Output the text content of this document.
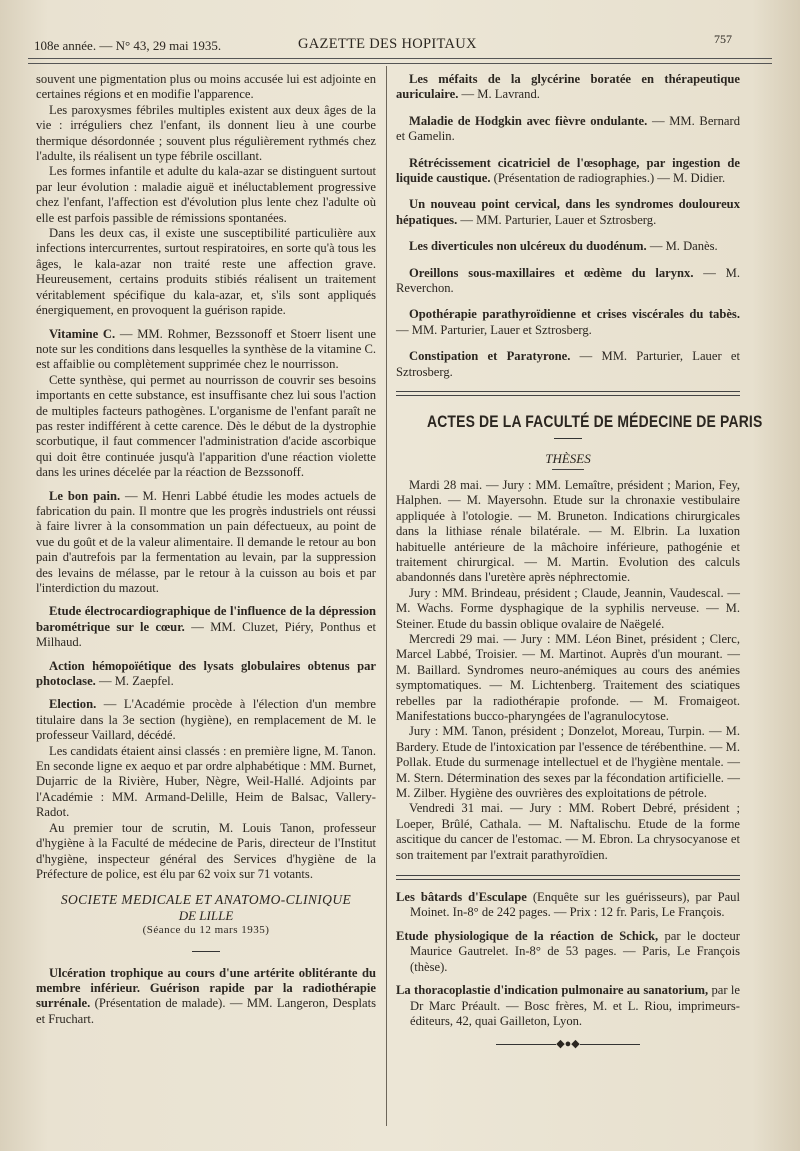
108e année. — N° 43, 29 mai 1935.	GAZETTE DES HOPITAUX	757

souvent une pigmentation plus ou moins accusée lui est adjointe en certaines régions et en modifie l'apparence.

Les paroxysmes fébriles multiples existent aux deux âges de la vie : irréguliers chez l'enfant, ils donnent lieu à une courbe thermique désordonnée ; souvent plus régulièrement rythmés chez l'adulte, ils réalisent un type fébrile oscillant.

Les formes infantile et adulte du kala-azar se distinguent surtout par leur évolution : maladie aiguë et inéluctablement progressive chez l'enfant, l'affection est d'évolution plus lente chez l'adulte où elle est parfois passible de rémissions spontanées.

Dans les deux cas, il existe une susceptibilité particulière aux infections intercurrentes, surtout respiratoires, en sorte qu'à tous les âges, le kala-azar non traité reste une affection grave. Heureusement, certains produits stibiés réalisent un traitement véritablement spécifique du kala-azar, et, s'ils sont appliqués énergiquement, en provoquent la guérison rapide.

Vitamine C. — MM. Rohmer, Bezssonoff et Stoerr lisent une note sur les conditions dans lesquelles la synthèse de la vitamine C. est affaiblie ou complètement supprimée chez le nourrisson.

Cette synthèse, qui permet au nourrisson de couvrir ses besoins importants en cette substance, est insuffisante chez lui sous l'action de multiples facteurs pathogènes. L'organisme de l'enfant paraît ne pas rester indifférent à cette carence. Dès le début de la dystrophie scorbutique, il faut commencer l'administration d'acide ascorbique qui doit être continuée jusqu'à l'apparition d'une réaction violette dans les urines décelée par la réaction de Bezssonoff.

Le bon pain. — M. Henri Labbé étudie les modes actuels de fabrication du pain. Il montre que les progrès industriels ont réussi à faire livrer à la consommation un pain défectueux, au point de vue du goût et de la valeur alimentaire. Il demande le retour au bon pain d'autrefois par la fermentation au levain, par la suppression des levains de mélasse, par le retour à la cuisson au bois et par l'interdiction du mazout.

Etude électrocardiographique de l'influence de la dépression barométrique sur le cœur. — MM. Cluzet, Piéry, Ponthus et Milhaud.

Action hémopoïétique des lysats globulaires obtenus par photoclase. — M. Zaepfel.

Election. — L'Académie procède à l'élection d'un membre titulaire dans la 3e section (hygiène), en remplacement de M. le professeur Vaillard, décédé.

Les candidats étaient ainsi classés : en première ligne, M. Tanon. En seconde ligne ex aequo et par ordre alphabétique : MM. Burnet, Dujarric de la Rivière, Huber, Nègre, Weil-Hallé. Adjoints par l'Académie : MM. Armand-Delille, Heim de Balsac, Vallery-Radot.

Au premier tour de scrutin, M. Louis Tanon, professeur d'hygiène à la Faculté de médecine de Paris, directeur de l'Institut d'hygiène, inspecteur général des Services d'hygiène de la Préfecture de police, est élu par 62 voix sur 71 votants.

SOCIETE MEDICALE ET ANATOMO-CLINIQUE
DE LILLE
(Séance du 12 mars 1935)

Ulcération trophique au cours d'une artérite oblitérante du membre inférieur. Guérison rapide par la radiothérapie surrénale. (Présentation de malade). — MM. Langeron, Desplats et Fruchart.

Les méfaits de la glycérine boratée en thérapeutique auriculaire. — M. Lavrand.

Maladie de Hodgkin avec fièvre ondulante. — MM. Bernard et Gamelin.

Rétrécissement cicatriciel de l'œsophage, par ingestion de liquide caustique. (Présentation de radiographies.) — M. Didier.

Un nouveau point cervical, dans les syndromes douloureux hépatiques. — MM. Parturier, Lauer et Sztrosberg.

Les diverticules non ulcéreux du duodénum. — M. Danès.

Oreillons sous-maxillaires et œdème du larynx. — M. Reverchon.

Opothérapie parathyroïdienne et crises viscérales du tabès. — MM. Parturier, Lauer et Sztrosberg.

Constipation et Paratyrone. — MM. Parturier, Lauer et Sztrosberg.

ACTES DE LA FACULTÉ DE MÉDECINE DE PARIS
THÈSES

Mardi 28 mai. — Jury : MM. Lemaître, président ; Marion, Fey, Halphen. — M. Mayersohn. Etude sur la chronaxie vestibulaire appliquée à l'otologie. — M. Bruneton. Indications chirurgicales dans la lithiase rénale bilatérale. — M. Elbrin. La luxation habituelle antérieure de la mâchoire inférieure, pathogénie et traitement chirurgical. — M. Martin. Evolution des calculs abandonnés dans l'uretère après néphrectomie.

Jury : MM. Brindeau, président ; Claude, Jeannin, Vaudescal. — M. Wachs. Forme dysphagique de la syphilis nerveuse. — M. Steiner. Etude du bassin oblique ovalaire de Naëgelé.

Mercredi 29 mai. — Jury : MM. Léon Binet, président ; Clerc, Marcel Labbé, Troisier. — M. Martinot. Auprès d'un mourant. — M. Baillard. Syndromes neuro-anémiques au cours des anémies symptomatiques. — M. Lichtenberg. Traitement des sciatiques rebelles par la radiothérapie profonde. — M. Fromaigeot. Manifestations bucco-pharyngées de l'agranulocytose.

Jury : MM. Tanon, président ; Donzelot, Moreau, Turpin. — M. Bardery. Etude de l'intoxication par l'essence de térébenthine. — M. Pollak. Etude du surmenage intellectuel et de l'hygiène mentale. — M. Stern. Détermination des sexes par la fécondation artificielle. — M. Zilber. Hygiène des ouvrières des exploitations de pétrole.

Vendredi 31 mai. — Jury : MM. Robert Debré, président ; Loeper, Brûlé, Cathala. — M. Naftalischu. Etude de la forme ascitique du cancer de l'estomac. — M. Ebron. La chrysocyanose et son traitement par l'extrait parathyroïdien.

Les bâtards d'Esculape (Enquête sur les guérisseurs), par Paul Moinet. In-8° de 242 pages. — Prix : 12 fr. Paris, Le François.

Etude physiologique de la réaction de Schick, par le docteur Maurice Gautrelet. In-8° de 53 pages. — Paris, Le François (thèse).

La thoracoplastie d'indication pulmonaire au sanatorium, par le Dr Marc Préault. — Bosc frères, M. et L. Riou, imprimeurs-éditeurs, 42, quai Gailleton, Lyon.

◆●◆
